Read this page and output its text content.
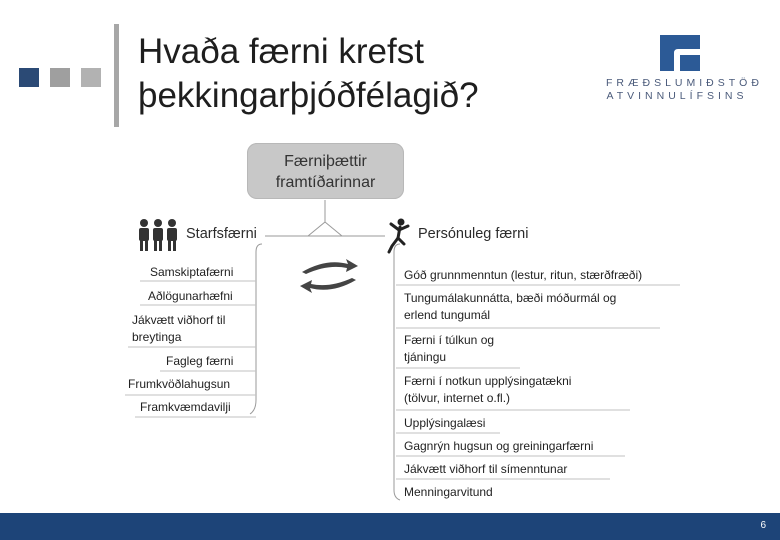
Hvaða færni krefst
þekkingarþjóðfélagið?	FRÆÐSLUMIÐSTÖÐ
ATVINNULÍFSINS
Færniþættir
framtíðarinnar
Starfsfærni	Persónuleg færni
Samskiptafærni
Aðlögunarhæfni
Jákvætt viðhorf til
breytinga
Fagleg færni
Frumkvöðlahugsun
Framkvæmdavilji
Góð grunnmenntun (lestur, ritun, stærðfræði)
Tungumálakunnátta, bæði móðurmál og
erlend tungumál
Færni í túlkun og
tjáningu
Færni í notkun upplýsingatækni
(tölvur, internet o.fl.)
Upplýsingalæsi
Gagnrýn hugsun og greiningarfærni
Jákvætt viðhorf til símenntunar
Menningarvitund
6
